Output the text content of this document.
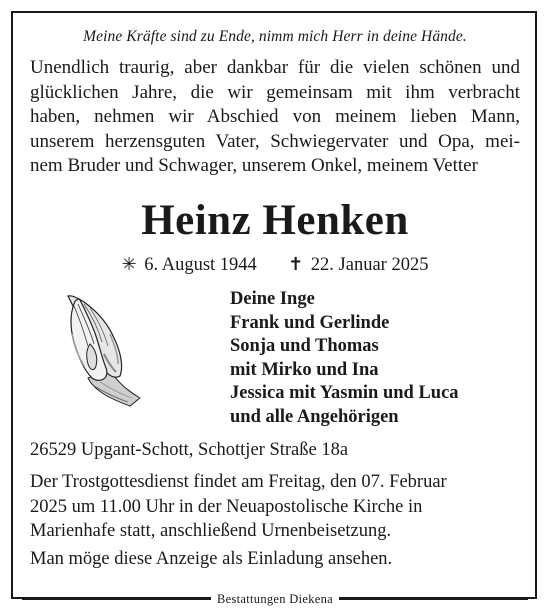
Meine Kräfte sind zu Ende, nimm mich Herr in deine Hände.
Unendlich traurig, aber dankbar für die vielen schönen und
glücklichen Jahre, die wir gemeinsam mit ihm verbracht
haben, nehmen wir Abschied von meinem lieben Mann,
unserem herzensguten Vater, Schwiegervater und Opa, mei-
nem Bruder und Schwager, unserem Onkel, meinem Vetter
Heinz Henken
✳ 6. August 1944 ✝ 22. Januar 2025
Deine Inge
Frank und Gerlinde
Sonja und Thomas
mit Mirko und Ina
Jessica mit Yasmin und Luca
und alle Angehörigen
26529 Upgant-Schott, Schottjer Straße 18a
Der Trostgottesdienst findet am Freitag, den 07. Februar
2025 um 11.00 Uhr in der Neuapostolische Kirche in
Marienhafe statt, anschließend Urnenbeisetzung.
Man möge diese Anzeige als Einladung ansehen.
Bestattungen Diekena
